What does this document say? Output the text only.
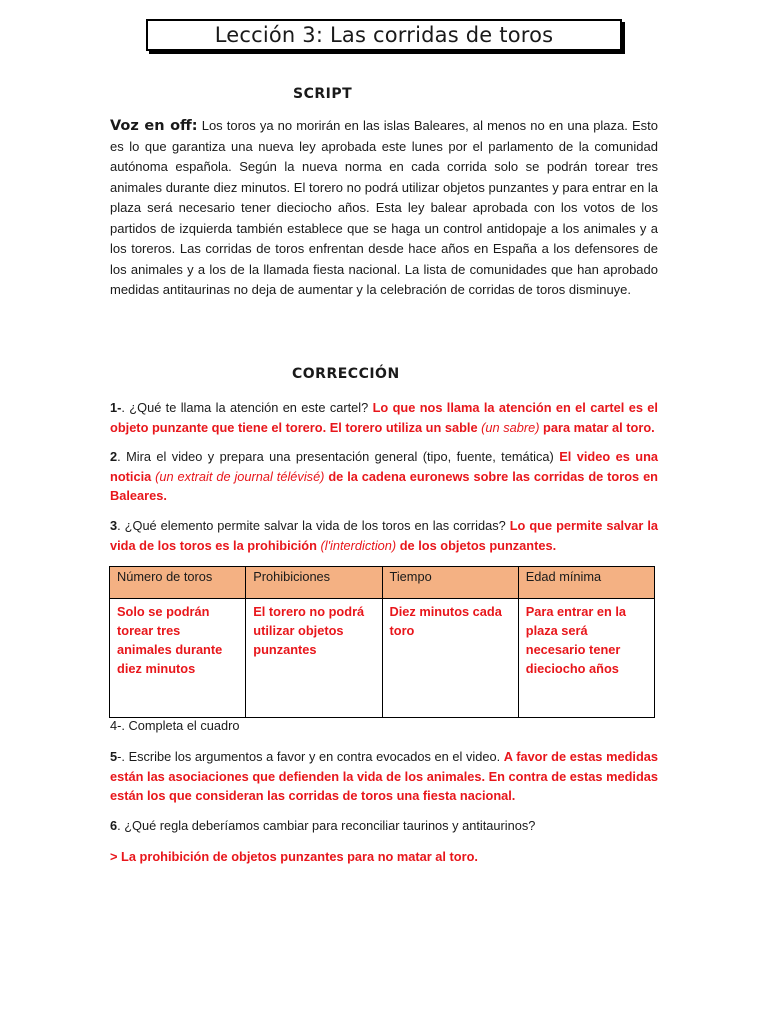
Lección 3: Las corridas de toros
SCRIPT
Voz en off: Los toros ya no morirán en las islas Baleares, al menos no en una plaza. Esto es lo que garantiza una nueva ley aprobada este lunes por el parlamento de la comunidad autónoma española. Según la nueva norma en cada corrida solo se podrán torear tres animales durante diez minutos. El torero no podrá utilizar objetos punzantes y para entrar en la plaza será necesario tener dieciocho años. Esta ley balear aprobada con los votos de los partidos de izquierda también establece que se haga un control antidopaje a los animales y a los toreros. Las corridas de toros enfrentan desde hace años en España a los defensores de los animales y a los de la llamada fiesta nacional. La lista de comunidades que han aprobado medidas antitaurinas no deja de aumentar y la celebración de corridas de toros disminuye.
CORRECCIÓN
1-. ¿Qué te llama la atención en este cartel? Lo que nos llama la atención en el cartel es el objeto punzante que tiene el torero. El torero utiliza un sable (un sabre) para matar al toro.
2. Mira el video y prepara una presentación general (tipo, fuente, temática) El video es una noticia (un extrait de journal télévisé) de la cadena euronews sobre las corridas de toros en Baleares.
3. ¿Qué elemento permite salvar la vida de los toros en las corridas? Lo que permite salvar la vida de los toros es la prohibición (l'interdiction) de los objetos punzantes.
Número de toros	Prohibiciones	Tiempo	Edad mínima
Solo se podrán torear tres animales durante diez minutos	El torero no podrá utilizar objetos punzantes	Diez minutos cada toro	Para entrar en la plaza será necesario tener dieciocho años
4-. Completa el cuadro
5-. Escribe los argumentos a favor y en contra evocados en el video. A favor de estas medidas están las asociaciones que defienden la vida de los animales. En contra de estas medidas están los que consideran las corridas de toros una fiesta nacional.
6. ¿Qué regla deberíamos cambiar para reconciliar taurinos y antitaurinos?
> La prohibición de objetos punzantes para no matar al toro.
